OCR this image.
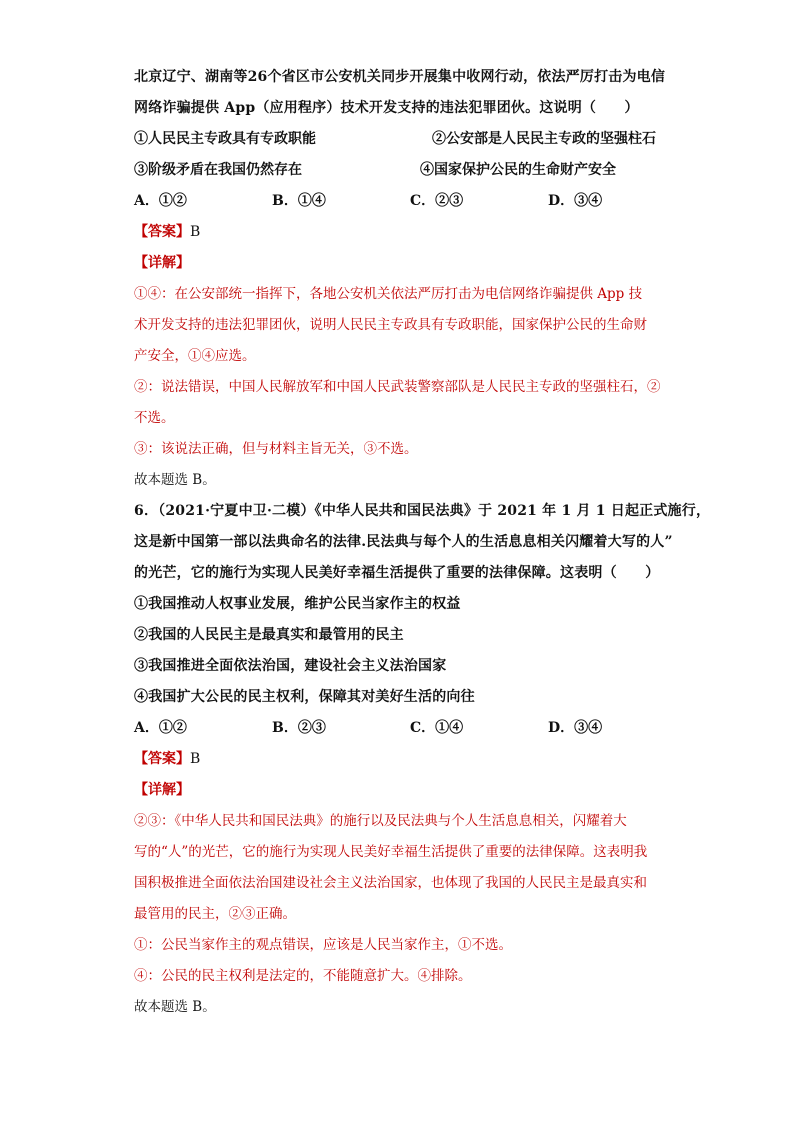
北京辽宁、湖南等26个省区市公安机关同步开展集中收网行动，依法严厉打击为电信
网络诈骗提供 App（应用程序）技术开发支持的违法犯罪团伙。这说明（　　）
①人民民主专政具有专政职能	②公安部是人民民主专政的坚强柱石
③阶级矛盾在我国仍然存在	④国家保护公民的生命财产安全
A．①②	B．①④	C．②③	D．③④
【答案】B
【详解】
①④：在公安部统一指挥下，各地公安机关依法严厉打击为电信网络诈骗提供 App 技
术开发支持的违法犯罪团伙，说明人民民主专政具有专政职能，国家保护公民的生命财
产安全，①④应选。
②：说法错误，中国人民解放军和中国人民武装警察部队是人民民主专政的坚强柱石，②
不选。
③：该说法正确，但与材料主旨无关，③不选。
故本题选 B。
6．（2021·宁夏中卫·二模）《中华人民共和国民法典》于 2021 年 1 月 1 日起正式施行，
这是新中国第一部以法典命名的法律.民法典与每个人的生活息息相关闪耀着大写的人”
的光芒，它的施行为实现人民美好幸福生活提供了重要的法律保障。这表明（　　）
①我国推动人权事业发展，维护公民当家作主的权益
②我国的人民民主是最真实和最管用的民主
③我国推进全面依法治国，建设社会主义法治国家
④我国扩大公民的民主权利，保障其对美好生活的向往
A．①②	B．②③	C．①④	D．③④
【答案】B
【详解】
②③：《中华人民共和国民法典》的施行以及民法典与个人生活息息相关，闪耀着大
写的“人”的光芒，它的施行为实现人民美好幸福生活提供了重要的法律保障。这表明我
国积极推进全面依法治国建设社会主义法治国家，也体现了我国的人民民主是最真实和
最管用的民主，②③正确。
①：公民当家作主的观点错误，应该是人民当家作主，①不选。
④：公民的民主权利是法定的，不能随意扩大。④排除。
故本题选 B。
